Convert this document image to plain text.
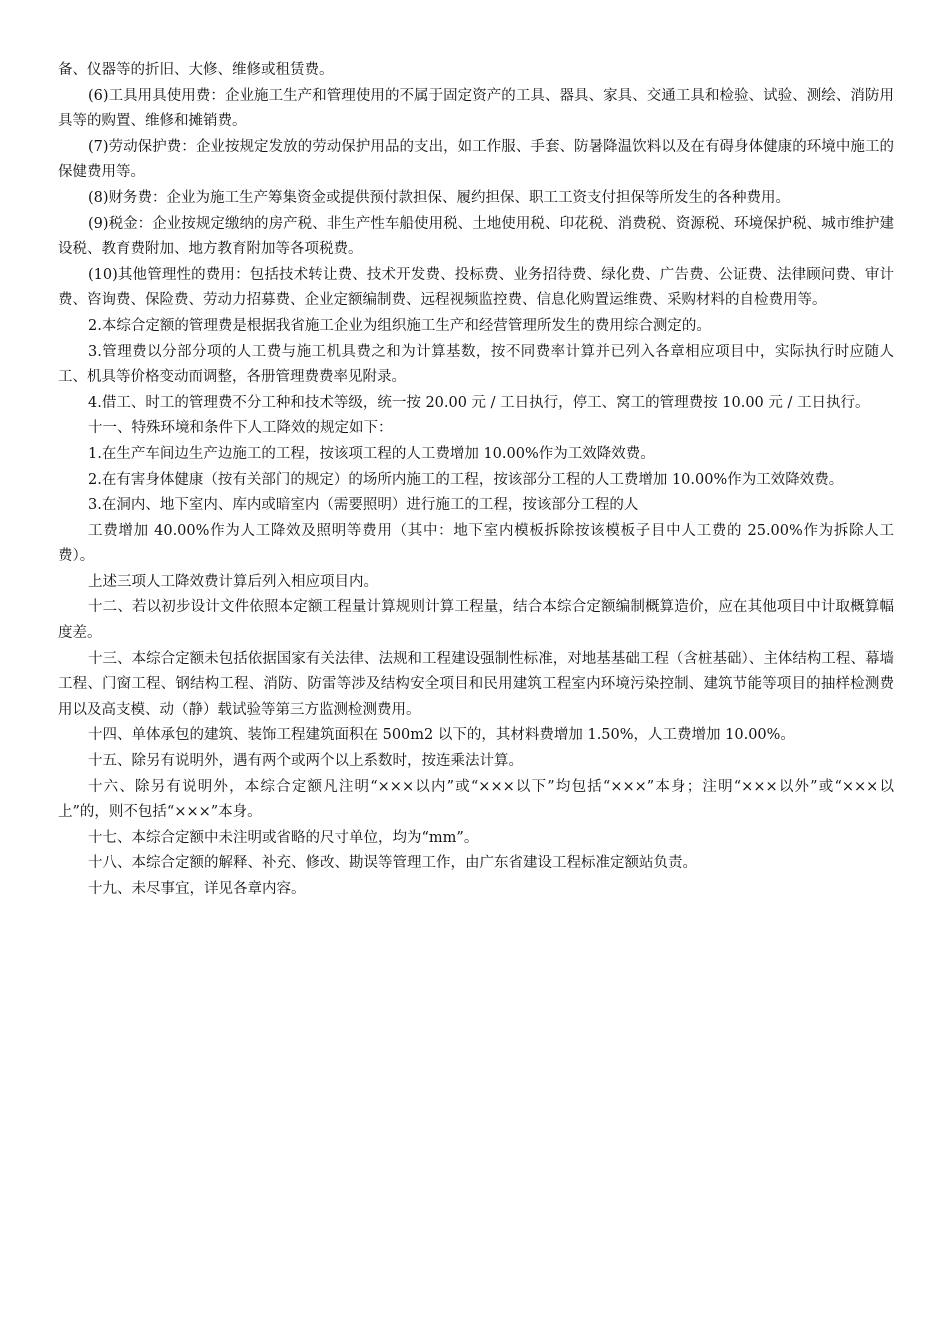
备、仪器等的折旧、大修、维修或租赁费。

(6)工具用具使用费：企业施工生产和管理使用的不属于固定资产的工具、器具、家具、交通工具和检验、试验、测绘、消防用具等的购置、维修和摊销费。

(7)劳动保护费：企业按规定发放的劳动保护用品的支出，如工作服、手套、防暑降温饮料以及在有碍身体健康的环境中施工的保健费用等。

(8)财务费：企业为施工生产筹集资金或提供预付款担保、履约担保、职工工资支付担保等所发生的各种费用。

(9)税金：企业按规定缴纳的房产税、非生产性车船使用税、土地使用税、印花税、消费税、资源税、环境保护税、城市维护建设税、教育费附加、地方教育附加等各项税费。

(10)其他管理性的费用：包括技术转让费、技术开发费、投标费、业务招待费、绿化费、广告费、公证费、法律顾问费、审计费、咨询费、保险费、劳动力招募费、企业定额编制费、远程视频监控费、信息化购置运维费、采购材料的自检费用等。

2.本综合定额的管理费是根据我省施工企业为组织施工生产和经营管理所发生的费用综合测定的。

3.管理费以分部分项的人工费与施工机具费之和为计算基数，按不同费率计算并已列入各章相应项目中，实际执行时应随人工、机具等价格变动而调整，各册管理费费率见附录。

4.借工、时工的管理费不分工种和技术等级，统一按 20.00 元 / 工日执行，停工、窝工的管理费按 10.00 元 / 工日执行。

十一、特殊环境和条件下人工降效的规定如下：

1.在生产车间边生产边施工的工程，按该项工程的人工费增加 10.00%作为工效降效费。

2.在有害身体健康（按有关部门的规定）的场所内施工的工程，按该部分工程的人工费增加 10.00%作为工效降效费。

3.在洞内、地下室内、库内或暗室内（需要照明）进行施工的工程，按该部分工程的人

工费增加 40.00%作为人工降效及照明等费用（其中：地下室内模板拆除按该模板子目中人工费的 25.00%作为拆除人工费）。

上述三项人工降效费计算后列入相应项目内。

十二、若以初步设计文件依照本定额工程量计算规则计算工程量，结合本综合定额编制概算造价，应在其他项目中计取概算幅度差。

十三、本综合定额未包括依据国家有关法律、法规和工程建设强制性标准，对地基基础工程（含桩基础）、主体结构工程、幕墙工程、门窗工程、钢结构工程、消防、防雷等涉及结构安全项目和民用建筑工程室内环境污染控制、建筑节能等项目的抽样检测费用以及高支模、动（静）载试验等第三方监测检测费用。

十四、单体承包的建筑、装饰工程建筑面积在 500m2 以下的，其材料费增加 1.50%，人工费增加 10.00%。

十五、除另有说明外，遇有两个或两个以上系数时，按连乘法计算。

十六、除另有说明外，本综合定额凡注明“×××以内”或“×××以下”均包括“×××”本身；注明“×××以外”或“×××以上”的，则不包括“×××”本身。

十七、本综合定额中未注明或省略的尺寸单位，均为“mm”。

十八、本综合定额的解释、补充、修改、勘误等管理工作，由广东省建设工程标准定额站负责。

十九、未尽事宜，详见各章内容。
